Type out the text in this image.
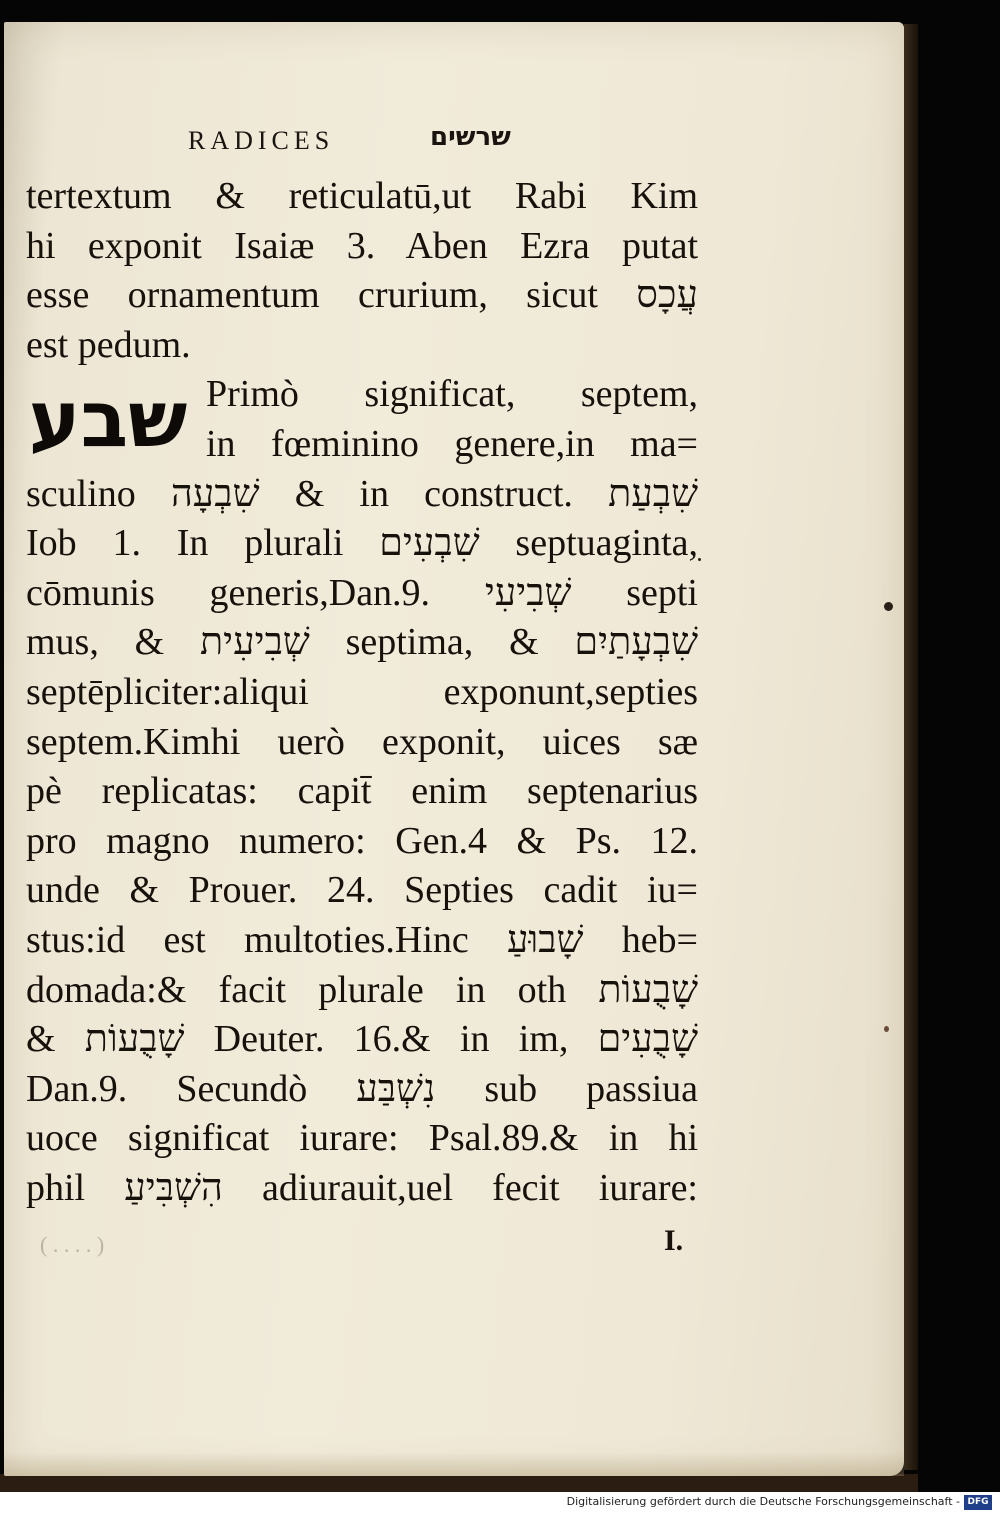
RADICES	שרשים
שבע
tertextum & reticulatū,ut Rabi Kim
hi exponit Isaiæ 3. Aben Ezra putat
esse ornamentum crurium, sicut עֲכָס
est pedum.
Primò significat, septem,
in fœminino genere,in ma=
sculino שִׁבְעָה & in construct. שִׁבְעַת
Iob 1. In plurali שִׁבְעִים septuaginta,
cōmunis generis,Dan.9. שְׁבִיעִי septi
mus, & שְׁבִיעִית septima, & שִׁבְעָתַיִם
septēpliciter:aliqui exponunt,septies
septem.Kimhi uerò exponit, uices sæ
pè replicatas: capit̄ enim septenarius
pro magno numero: Gen.4 & Ps. 12.
unde & Prouer. 24. Septies cadit iu=
stus:id est multoties.Hinc שָׁבוּעַ heb=
domada:& facit plurale in oth שָׁבֻעוֹת
& שָׁבֻעוֹת Deuter. 16.& in im, שָׁבֻעִים
Dan.9. Secundò נִשְׁבַּע sub passiua
uoce significat iurare: Psal.89.& in hi
phil הִשְׁבִּיעַ adiurauit,uel fecit iurare:
( . . . . )	I.
Digitalisierung gefördert durch die Deutsche Forschungsgemeinschaft - DFG
